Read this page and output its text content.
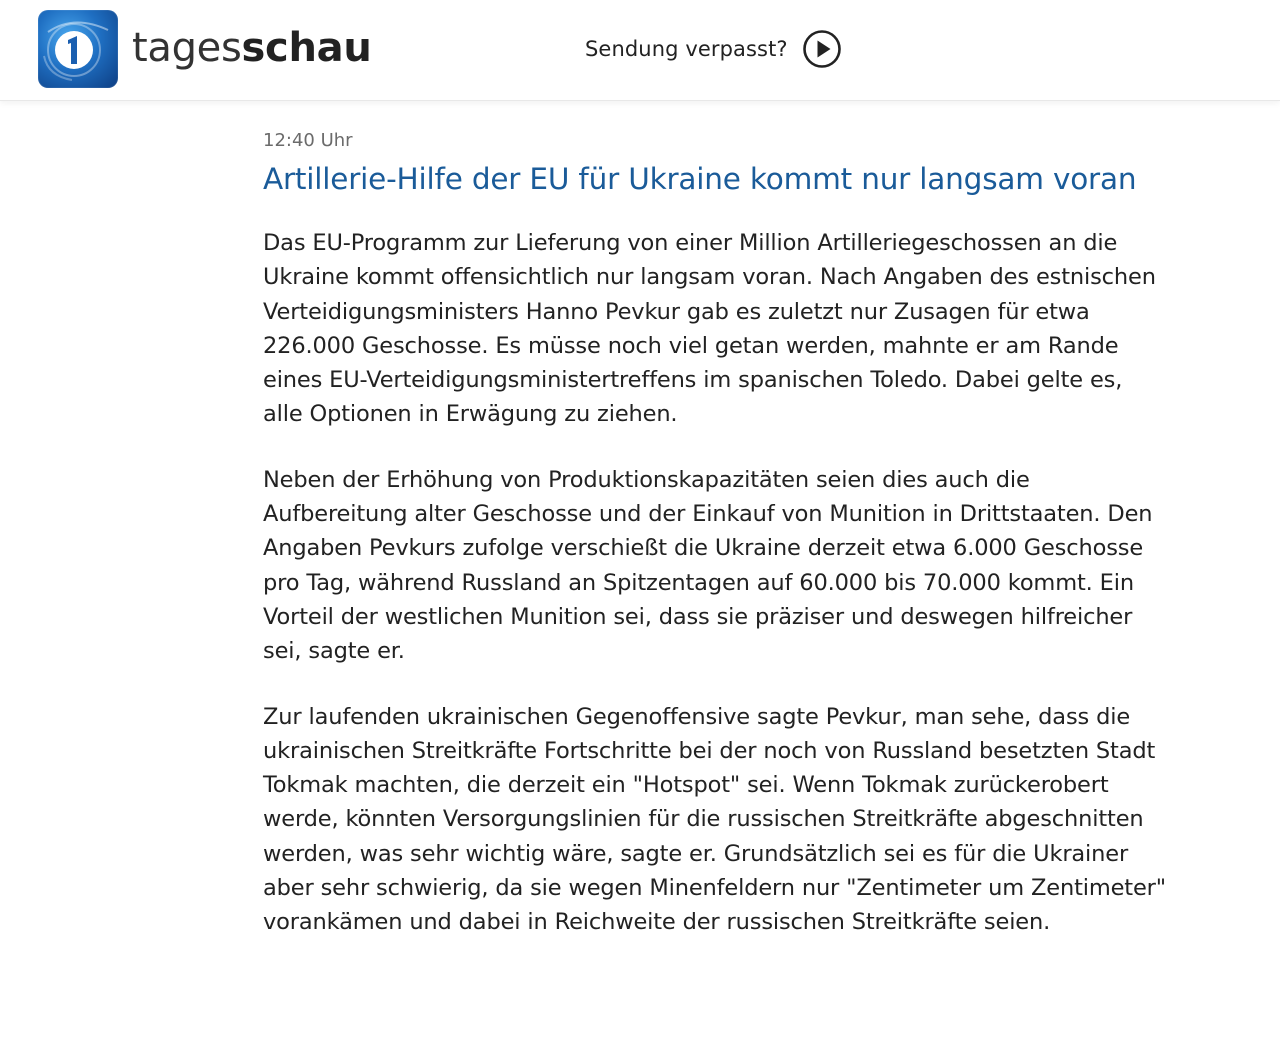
tagesschau	Sendung verpasst?

12:40 Uhr

Artillerie-Hilfe der EU für Ukraine kommt nur langsam voran

Das EU-Programm zur Lieferung von einer Million Artilleriegeschossen an die Ukraine kommt offensichtlich nur langsam voran. Nach Angaben des estnischen Verteidigungsministers Hanno Pevkur gab es zuletzt nur Zusagen für etwa 226.000 Geschosse. Es müsse noch viel getan werden, mahnte er am Rande eines EU-Verteidigungsministertreffens im spanischen Toledo. Dabei gelte es, alle Optionen in Erwägung zu ziehen.

Neben der Erhöhung von Produktionskapazitäten seien dies auch die Aufbereitung alter Geschosse und der Einkauf von Munition in Drittstaaten. Den Angaben Pevkurs zufolge verschießt die Ukraine derzeit etwa 6.000 Geschosse pro Tag, während Russland an Spitzentagen auf 60.000 bis 70.000 kommt. Ein Vorteil der westlichen Munition sei, dass sie präziser und deswegen hilfreicher sei, sagte er.

Zur laufenden ukrainischen Gegenoffensive sagte Pevkur, man sehe, dass die ukrainischen Streitkräfte Fortschritte bei der noch von Russland besetzten Stadt Tokmak machten, die derzeit ein "Hotspot" sei. Wenn Tokmak zurückerobert werde, könnten Versorgungslinien für die russischen Streitkräfte abgeschnitten werden, was sehr wichtig wäre, sagte er. Grundsätzlich sei es für die Ukrainer aber sehr schwierig, da sie wegen Minenfeldern nur "Zentimeter um Zentimeter" vorankämen und dabei in Reichweite der russischen Streitkräfte seien.
